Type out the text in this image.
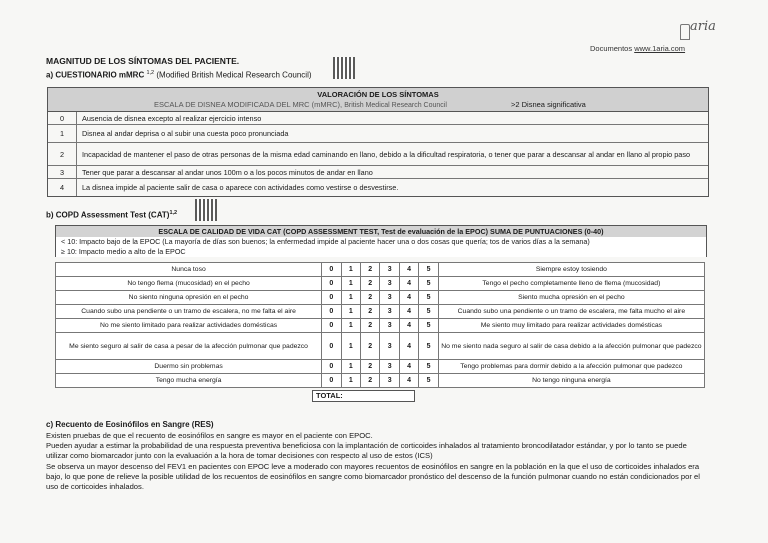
aria
Documentos www.1aria.com
MAGNITUD DE LOS SÍNTOMAS DEL PACIENTE.
a) CUESTIONARIO mMRC $^{1,2}$ (Modified British Medical Research Council)
VALORACIÓN DE LOS SÍNTOMAS
ESCALA DE DISNEA MODIFICADA DEL MRC (mMRC), British Medical Research Council	>2 Disnea significativa
0	Ausencia de disnea excepto al realizar ejercicio intenso
1	Disnea al andar deprisa o al subir una cuesta poco pronunciada
2	Incapacidad de mantener el paso de otras personas de la misma edad caminando en llano, debido a la dificultad respiratoria, o tener que parar a descansar al andar en llano al propio paso
3	Tener que parar a descansar al andar unos 100m o a los pocos minutos de andar en llano
4	La disnea impide al paciente salir de casa o aparece con actividades como vestirse o desvestirse.
b) COPD Assessment Test (CAT)$^{1,2}$
ESCALA DE CALIDAD DE VIDA CAT (COPD ASSESSMENT TEST, Test de evaluación de la EPOC) SUMA DE PUNTUACIONES (0-40)
< 10: Impacto bajo de la EPOC (La mayoría de días son buenos; la enfermedad impide al paciente hacer una o dos cosas que quería; tos de varios días a la semana)
≥ 10: Impacto medio a alto de la EPOC
Nunca toso	0	1	2	3	4	5	Siempre estoy tosiendo
No tengo flema (mucosidad) en el pecho	0	1	2	3	4	5	Tengo el pecho completamente lleno de flema (mucosidad)
No siento ninguna opresión en el pecho	0	1	2	3	4	5	Siento mucha opresión en el pecho
Cuando subo una pendiente o un tramo de escalera, no me falta el aire	0	1	2	3	4	5	Cuando subo una pendiente o un tramo de escalera, me falta mucho el aire
No me siento limitado para realizar actividades domésticas	0	1	2	3	4	5	Me siento muy limitado para realizar actividades domésticas
Me siento seguro al salir de casa a pesar de la afección pulmonar que padezco	0	1	2	3	4	5	No me siento nada seguro al salir de casa debido a la afección pulmonar que padezco
Duermo sin problemas	0	1	2	3	4	5	Tengo problemas para dormir debido a la afección pulmonar que padezco
Tengo mucha energía	0	1	2	3	4	5	No tengo ninguna energía
TOTAL:
c) Recuento de Eosinófilos en Sangre (RES)

Existen pruebas de que el recuento de eosinófilos en sangre es mayor en el paciente con EPOC.

Pueden ayudar a estimar la probabilidad de una respuesta preventiva beneficiosa con la implantación de corticoides inhalados al tratamiento broncodilatador estándar, y por lo tanto se puede utilizar como biomarcador junto con la evaluación a la hora de tomar decisiones con respecto al uso de estos (ICS)

Se observa un mayor descenso del FEV1 en pacientes con EPOC leve a moderado con mayores recuentos de eosinófilos en sangre en la población en la que el uso de corticoides inhalados era bajo, lo que pone de relieve la posible utilidad de los recuentos de eosinófilos en sangre como biomarcador pronóstico del descenso de la función pulmonar cuando no están condicionados por el uso de corticoides inhalados.
